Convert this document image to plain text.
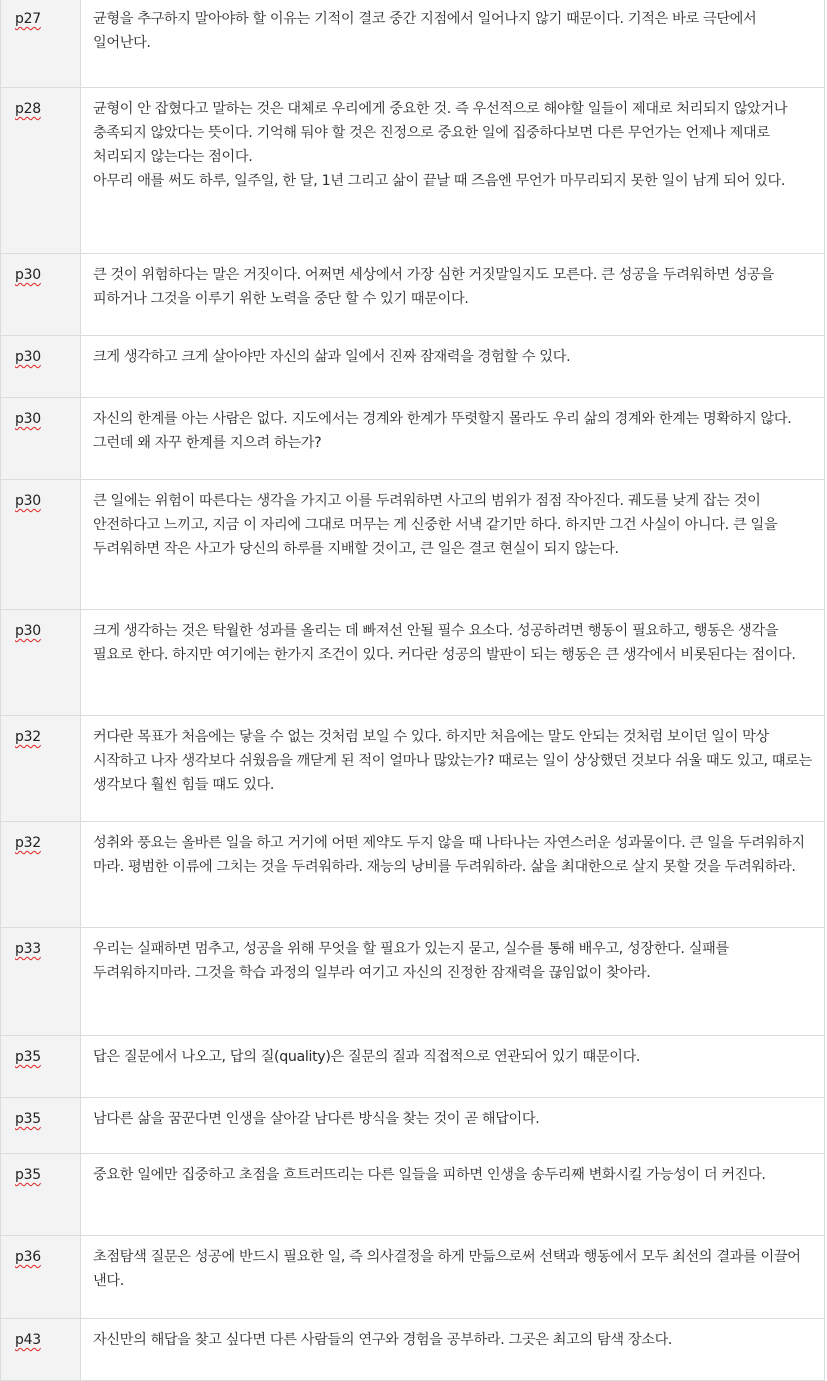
p27	균형을 추구하지 말아야하 할 이유는 기적이 결코 중간 지점에서 일어나지 않기 때문이다. 기적은 바로 극단에서 일어난다.
p28	균형이 안 잡혔다고 말하는 것은 대체로 우리에게 중요한 것. 즉 우선적으로 해야할 일들이 제대로 처리되지 않았거나 충족되지 않았다는 뜻이다. 기억해 둬야 할 것은 진정으로 중요한 일에 집중하다보면 다른 무언가는 언제나 제대로 처리되지 않는다는 점이다.
아무리 애를 써도 하루, 일주일, 한 달, 1년 그리고 삶이 끝날 때 즈음엔 무언가 마무리되지 못한 일이 남게 되어 있다.
p30	큰 것이 위험하다는 말은 거짓이다. 어쩌면 세상에서 가장 심한 거짓말일지도 모른다. 큰 성공을 두려워하면 성공을 피하거나 그것을 이루기 위한 노력을 중단 할 수 있기 때문이다.
p30	크게 생각하고 크게 살아야만 자신의 삶과 일에서 진짜 잠재력을 경험할 수 있다.
p30	자신의 한계를 아는 사람은 없다. 지도에서는 경계와 한계가 뚜렷할지 몰라도 우리 삶의 경계와 한계는 명확하지 않다.그런데 왜 자꾸 한계를 지으려 하는가?
p30	큰 일에는 위험이 따른다는 생각을 가지고 이를 두려워하면 사고의 범위가 점점 작아진다. 궤도를 낮게 잡는 것이 안전하다고 느끼고, 지금 이 자리에 그대로 머무는 게 신중한 서낵 같기만 하다. 하지만 그건 사실이 아니다. 큰 일을 두려워하면 작은 사고가 당신의 하루를 지배할 것이고, 큰 일은 결코 현실이 되지 않는다.
p30	크게 생각하는 것은 탁월한 성과를 올리는 데 빠져선 안될 필수 요소다. 성공하려면 행동이 필요하고, 행동은 생각을 필요로 한다. 하지만 여기에는 한가지 조건이 있다. 커다란 성공의 발판이 되는 행동은 큰 생각에서 비롯된다는 점이다.
p32	커다란 목표가 처음에는 닿을 수 없는 것처럼 보일 수 있다. 하지만 처음에는 말도 안되는 것처럼 보이던 일이 막상 시작하고 나자 생각보다 쉬웠음을 깨닫게 된 적이 얼마나 많았는가? 때로는 일이 상상했던 것보다 쉬울 때도 있고, 떄로는 생각보다 훨씬 힘들 떄도 있다.
p32	성취와 풍요는 올바른 일을 하고 거기에 어떤 제약도 두지 않을 때 나타나는 자연스러운 성과물이다. 큰 일을 두려워하지 마라. 평범한 이류에 그치는 것을 두려워하라. 재능의 낭비를 두려워하라. 삶을 최대한으로 살지 못할 것을 두려워하라.
p33	우리는 실패하면 멈추고, 성공을 위해 무엇을 할 필요가 있는지 묻고, 실수를 통해 배우고, 성장한다. 실패를 두려워하지마라. 그것을 학습 과정의 일부라 여기고 자신의 진정한 잠재력을 끊임없이 찾아라.
p35	답은 질문에서 나오고, 답의 질(quality)은 질문의 질과 직접적으로 연관되어 있기 떄문이다.
p35	남다른 삶을 꿈꾼다면 인생을 살아갈 남다른 방식을 찾는 것이 곧 해답이다.
p35	중요한 일에만 집중하고 초점을 흐트러뜨리는 다른 일들을 피하면 인생을 송두리째 변화시킬 가능성이 더 커진다.
p36	초점탐색 질문은 성공에 반드시 필요한 일, 즉 의사결정을 하게 만듦으로써 선택과 행동에서 모두 최선의 결과를 이끌어 낸다.
p43	자신만의 해답을 찾고 싶다면 다른 사람들의 연구와 경험을 공부하라. 그곳은 최고의 탐색 장소다.
